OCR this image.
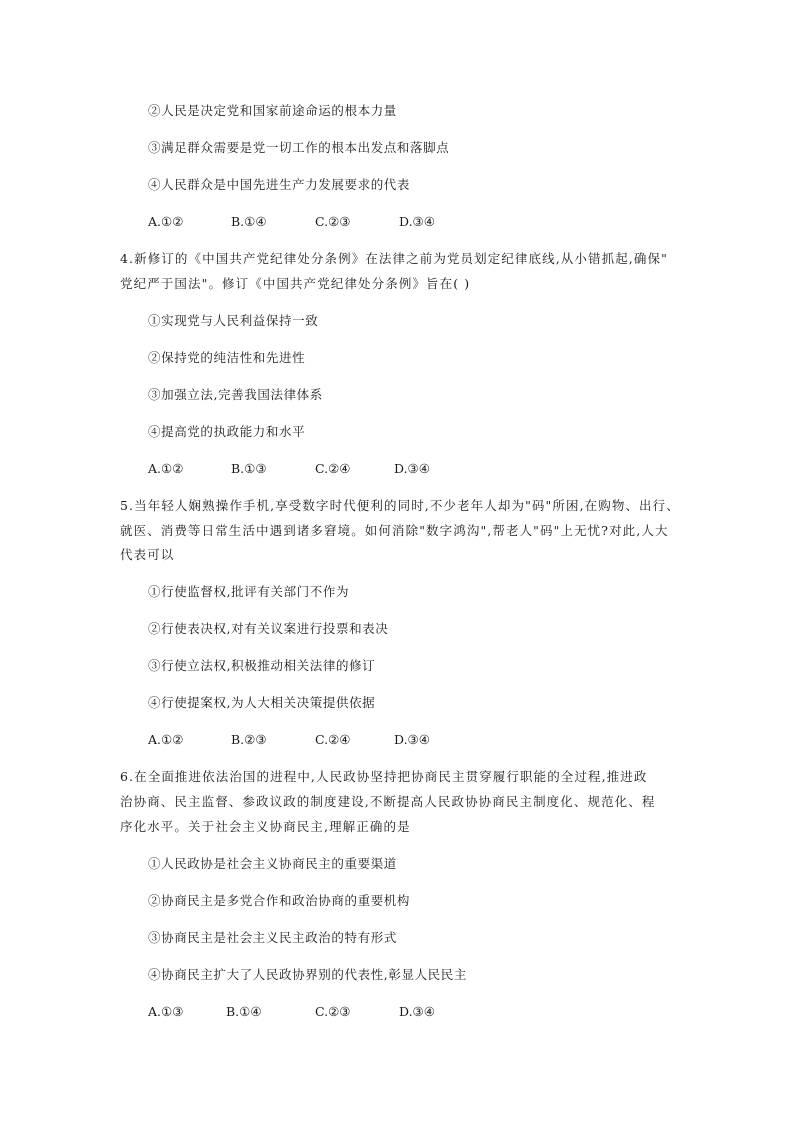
②人民是决定党和国家前途命运的根本力量
③满足群众需要是党一切工作的根本出发点和落脚点
④人民群众是中国先进生产力发展要求的代表
A.①②	B.①④	C.②③	D.③④
4.新修订的《中国共产党纪律处分条例》在法律之前为党员划定纪律底线,从小错抓起,确保"
党纪严于国法"。修订《中国共产党纪律处分条例》旨在( )
①实现党与人民利益保持一致
②保持党的纯洁性和先进性
③加强立法,完善我国法律体系
④提高党的执政能力和水平
A.①②	B.①③	C.②④	D.③④
5.当年轻人娴熟操作手机,享受数字时代便利的同时,不少老年人却为"码"所困,在购物、出行、
就医、消费等日常生活中遇到诸多窘境。如何消除"数字鸿沟",帮老人"码"上无忧?对此,人大
代表可以
①行使监督权,批评有关部门不作为
②行使表决权,对有关议案进行投票和表决
③行使立法权,积极推动相关法律的修订
④行使提案权,为人大相关决策提供依据
A.①②	B.②③	C.②④	D.③④
6.在全面推进依法治国的进程中,人民政协坚持把协商民主贯穿履行职能的全过程,推进政
治协商、民主监督、参政议政的制度建设,不断提高人民政协协商民主制度化、规范化、程
序化水平。关于社会主义协商民主,理解正确的是
①人民政协是社会主义协商民主的重要渠道
②协商民主是多党合作和政治协商的重要机构
③协商民主是社会主义民主政治的特有形式
④协商民主扩大了人民政协界别的代表性,彰显人民民主
A.①③	B.①④	C.②③	D.③④
